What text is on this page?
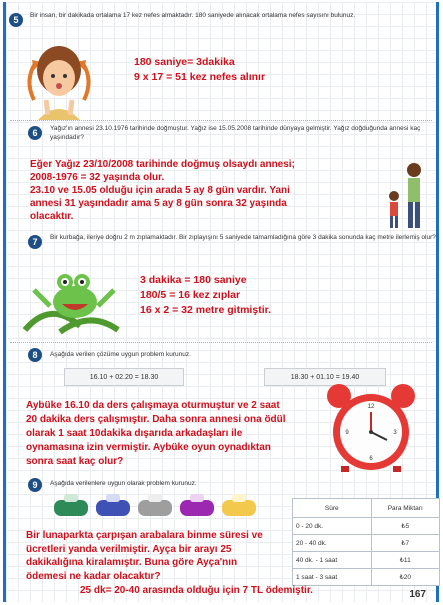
5	Bir insan, bir dakikada ortalama 17 kez nefes almaktadır. 180 saniyede alınacak ortalama nefes sayısını bulunuz.
180 saniye= 3dakika
9 x 17 = 51 kez nefes alınır
6	Yağız'ın annesi 23.10.1976 tarihinde doğmuştur. Yağız ise 15.05.2008 tarihinde dünyaya gelmiştir. Yağız doğduğunda annesi kaç yaşındadır?
Eğer Yağız 23/10/2008 tarihinde doğmuş olsaydı annesi;
2008-1976 = 32 yaşında olur.
23.10 ve 15.05 olduğu için arada 5 ay 8 gün vardır. Yani
annesi 31 yaşındadır ama 5 ay 8 gün sonra 32 yaşında
olacaktır.
7	Bir kurbağa, ileriye doğru 2 m zıplamaktadır. Bir zıplayışını 5 saniyede tamamladığına göre 3 dakika sonunda kaç metre ilerlemiş olur?
3 dakika = 180 saniye
180/5 = 16 kez zıplar
16 x 2 = 32 metre gitmiştir.
8	Aşağıda verilen çözüme uygun problem kurunuz.
16.10 + 02.20 = 18.30	18.30 + 01.10 = 19.40
Aybüke 16.10 da ders çalışmaya oturmuştur ve 2 saat
20 dakika ders çalışmıştır. Daha sonra annesi ona ödül
olarak 1 saat 10dakika dışarıda arkadaşları ile
oynamasına izin vermiştir. Aybüke oyun oynadıktan
sonra saat kaç olur?
12
3
6
9
9	Aşağıda verilenlere uygun olarak problem kurunuz.
Süre	Para Miktarı
0 - 20 dk.	₺5
20 - 40 dk.	₺7
40 dk. - 1 saat	₺11
1 saat - 3 saat	₺20
Bir lunaparkta çarpışan arabalara binme süresi ve
ücretleri yanda verilmiştir. Ayça bir arayı 25
dakikalığına kiralamıştır. Buna göre Ayça'nın
ödemesi ne kadar olacaktır?
25 dk= 20-40 arasında olduğu için 7 TL ödemiştir.	167
